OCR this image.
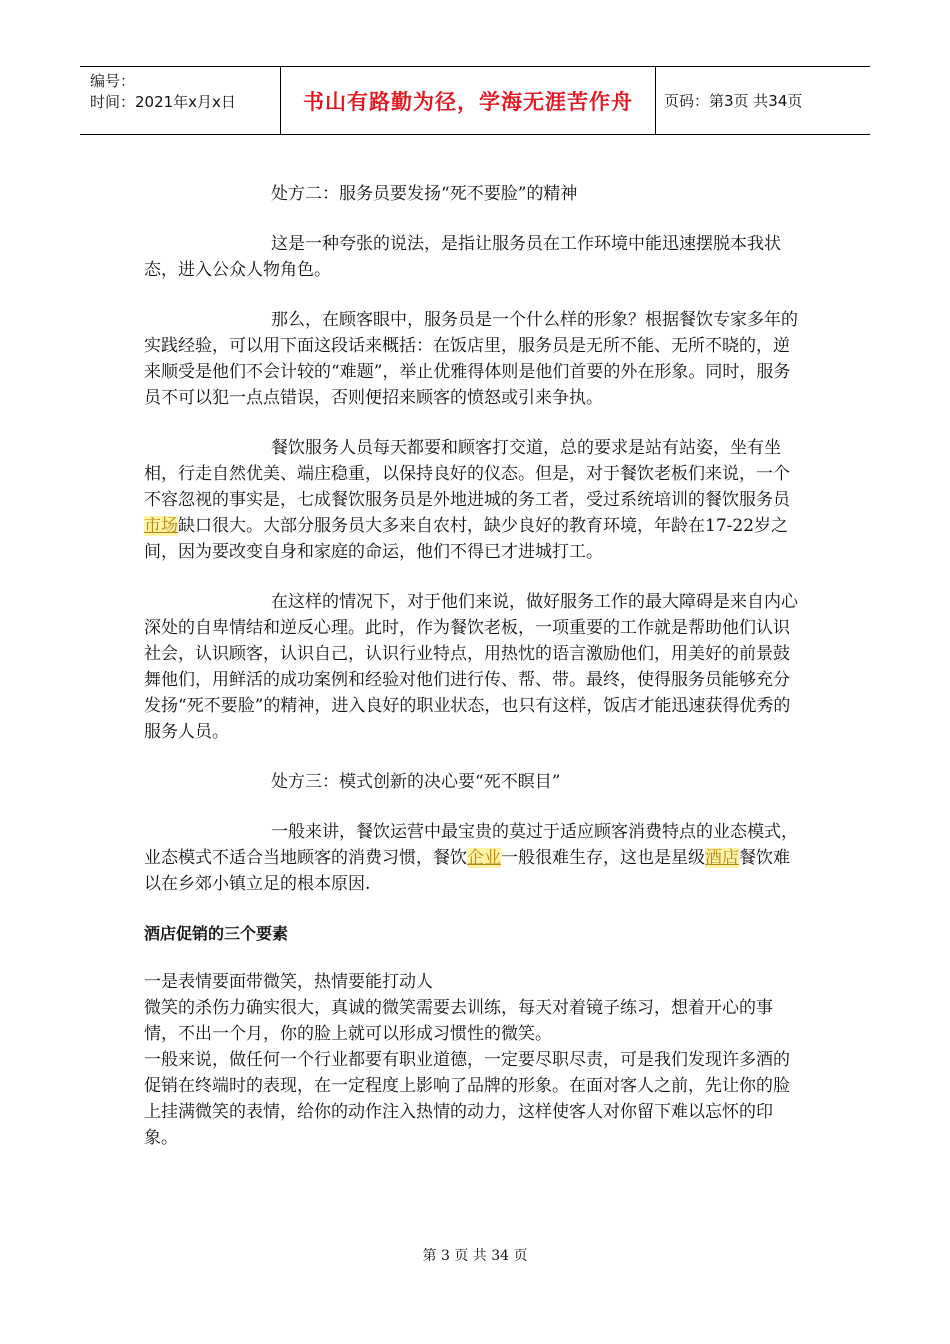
编号：
时间：2021年x月x日	书山有路勤为径，学海无涯苦作舟	页码：第3页 共34页

处方二：服务员要发扬“死不要脸”的精神

这是一种夸张的说法，是指让服务员在工作环境中能迅速摆脱本我状态，进入公众人物角色。

那么，在顾客眼中，服务员是一个什么样的形象？根据餐饮专家多年的实践经验，可以用下面这段话来概括：在饭店里，服务员是无所不能、无所不晓的，逆来顺受是他们不会计较的“难题”，举止优雅得体则是他们首要的外在形象。同时，服务员不可以犯一点点错误，否则便招来顾客的愤怒或引来争执。

餐饮服务人员每天都要和顾客打交道，总的要求是站有站姿，坐有坐相，行走自然优美、端庄稳重，以保持良好的仪态。但是，对于餐饮老板们来说，一个不容忽视的事实是，七成餐饮服务员是外地进城的务工者，受过系统培训的餐饮服务员市场缺口很大。大部分服务员大多来自农村，缺少良好的教育环境，年龄在17-22岁之间，因为要改变自身和家庭的命运，他们不得已才进城打工。

在这样的情况下，对于他们来说，做好服务工作的最大障碍是来自内心深处的自卑情结和逆反心理。此时，作为餐饮老板，一项重要的工作就是帮助他们认识社会，认识顾客，认识自己，认识行业特点，用热忱的语言激励他们，用美好的前景鼓舞他们，用鲜活的成功案例和经验对他们进行传、帮、带。最终，使得服务员能够充分发扬“死不要脸”的精神，进入良好的职业状态，也只有这样，饭店才能迅速获得优秀的服务人员。

处方三：模式创新的决心要“死不瞑目”

一般来讲，餐饮运营中最宝贵的莫过于适应顾客消费特点的业态模式，业态模式不适合当地顾客的消费习惯，餐饮企业一般很难生存，这也是星级酒店餐饮难以在乡郊小镇立足的根本原因.

酒店促销的三个要素

一是表情要面带微笑，热情要能打动人

微笑的杀伤力确实很大，真诚的微笑需要去训练，每天对着镜子练习，想着开心的事情，不出一个月，你的脸上就可以形成习惯性的微笑。

一般来说，做任何一个行业都要有职业道德，一定要尽职尽责，可是我们发现许多酒的促销在终端时的表现，在一定程度上影响了品牌的形象。在面对客人之前，先让你的脸上挂满微笑的表情，给你的动作注入热情的动力，这样使客人对你留下难以忘怀的印象。

第 3 页 共 34 页
